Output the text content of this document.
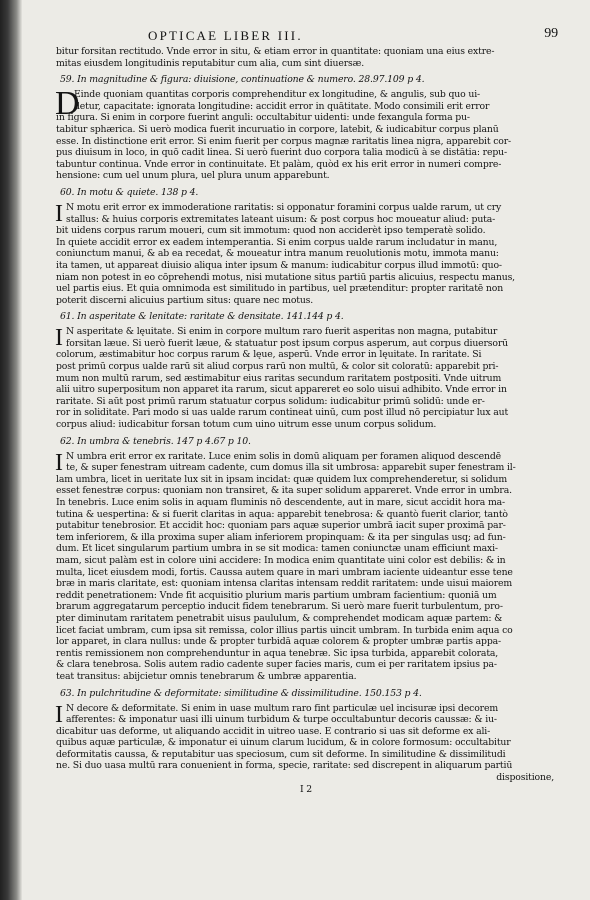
OPTICAE LIBER III.	99
bitur forsitan rectitudo. Vnde error in situ, & etiam error in quantitate: quoniam una eius extre-
mitas eiusdem longitudinis reputabitur cum alia, cum sint diuersæ.
59. In magnitudine & figura: diuisione, continuatione & numero. 28.97.109 p 4.
D
Einde quoniam quantitas corporis comprehenditur ex longitudine, & angulis, sub quo ui-
detur, capacitate: ignorata longitudine: accidit error in quātitate. Modo consimili erit error
in figura. Si enim in corpore fuerint anguli: occultabitur uidenti: unde fexangula forma pu-
tabitur sphærica. Si uerò modica fuerit incuruatio in corpore, latebit, & iudicabitur corpus planū
esse. In distinctione erit error. Si enim fuerit per corpus magnæ raritatis linea nigra, apparebit cor-
pus diuisum in loco, in quō cadit linea. Si uerò fuerint duo corpora talia modicū à se distātia: repu-
tabuntur continua. Vnde error in continuitate. Et palàm, quòd ex his erit error in numeri compre-
hensione: cum uel unum plura, uel plura unum apparebunt.
60. In motu & quiete. 138 p 4.
I N motu erit error ex immoderatione raritatis: si opponatur foramini corpus ualde rarum, ut cry
stallus: & huius corporis extremitates lateant uisum: & post corpus hoc moueatur aliud: puta-
bit uidens corpus rarum moueri, cum sit immotum: quod non acciderèt ipso temperatè solido.
In quiete accidit error ex eadem intemperantia. Si enim corpus ualde rarum includatur in manu,
coniunctum manui, & ab ea recedat, & moueatur intra manum reuolutionis motu, immota manu:
ita tamen, ut appareat diuisio aliqua inter ipsum & manum: iudicabitur corpus illud immotū: quo-
niam non potest in eo cōprehendi motus, nisi mutatione situs partiū partis alicuius, respectu manus,
uel partis eius. Et quia omnimoda est similitudo in partibus, uel prætenditur: propter raritatē non
poterit discerni alicuius partium situs: quare nec motus.
61. In asperitate & lenitate: raritate & densitate. 141.144 p 4.
I N asperitate & lęuitate. Si enim in corpore multum raro fuerit asperitas non magna, putabitur
forsitan læue. Si uerò fuerit læue, & statuatur post ipsum corpus asperum, aut corpus diuersorū
colorum, æstimabitur hoc corpus rarum & lęue, asperū. Vnde error in lęuitate. In raritate. Si
post primū corpus ualde rarū sit aliud corpus rarū non multū, & color sit coloratū: apparebit pri-
mum non multū rarum, sed æstimabitur eius raritas secundum raritatem postpositi. Vnde uitrum
alii uitro superpositum non apparet ita rarum, sicut appareret eo solo uisui adhibito. Vnde error in
raritate. Si aūt post primū rarum statuatur corpus solidum: iudicabitur primū solidū: unde er-
ror in soliditate. Pari modo si uas ualde rarum contineat uinū, cum post illud nō percipiatur lux aut
corpus aliud: iudicabitur forsan totum cum uino uitrum esse unum corpus solidum.
62. In umbra & tenebris. 147 p 4.67 p 10.
I N umbra erit error ex raritate. Luce enim solis in domū aliquam per foramen aliquod descendē
te, & super fenestram uitream cadente, cum domus illa sit umbrosa: apparebit super fenestram il-
lam umbra, licet in ueritate lux sit in ipsam incidat: quæ quidem lux comprehenderetur, si solidum
esset fenestræ corpus: quoniam non transiret, & ita super solidum appareret. Vnde error in umbra.
In tenebris. Luce enim solis in aquam fluminis nō descendente, aut in mare, sicut accidit hora ma-
tutina & uespertina: & si fuerit claritas in aqua: apparebit tenebrosa: & quantò fuerit clarior, tantò
putabitur tenebrosior. Et accidit hoc: quoniam pars aquæ superior umbrā iacit super proximā par-
tem inferiorem, & illa proxima super aliam inferiorem propinquam: & ita per singulas usq; ad fun-
dum. Et licet singularum partium umbra in se sit modica: tamen coniunctæ unam efficiunt maxi-
mam, sicut palàm est in colore uini accidere: In modica enim quantitate uini color est debilis: & in
multa, licet eiusdem modi, fortis. Caussa autem quare in mari umbram iaciente uideantur esse tene
bræ in maris claritate, est: quoniam intensa claritas intensam reddit raritatem: unde uisui maiorem
reddit penetrationem: Vnde fit acquisitio plurium maris partium umbram facientium: quoniā um
brarum aggregatarum perceptio inducit fidem tenebrarum. Si uerò mare fuerit turbulentum, pro-
pter diminutam raritatem penetrabit uisus paululum, & comprehendet modicam aquæ partem: &
licet faciat umbram, cum ipsa sit remissa, color illius partis uincit umbram. In turbida enim aqua co
lor apparet, in clara nullus: unde & propter turbidā aquæ colorem & propter umbræ partis appa-
rentis remissionem non comprehenduntur in aqua tenebræ. Sic ipsa turbida, apparebit colorata,
& clara tenebrosa. Solis autem radio cadente super facies maris, cum ei per raritatem ipsius pa-
teat transitus: abijcietur omnis tenebrarum & umbræ apparentia.
63. In pulchritudine & deformitate: similitudine & dissimilitudine. 150.153 p 4.
I N decore & deformitate. Si enim in uase multum raro fint particulæ uel incisuræ ipsi decorem
afferentes: & imponatur uasi illi uinum turbidum & turpe occultabuntur decoris caussæ: & iu-
dicabitur uas deforme, ut aliquando accidit in uitreo uase. E contrario si uas sit deforme ex ali-
quibus aquæ particulæ, & imponatur ei uinum clarum lucidum, & in colore formosum: occultabitur
deformitatis caussa, & reputabitur uas speciosum, cum sit deforme. In similitudine & dissimilitudi
ne. Si duo uasa multū rara conuenient in forma, specie, raritate: sed discrepent in aliquarum partiū
dispositione,
I 2
